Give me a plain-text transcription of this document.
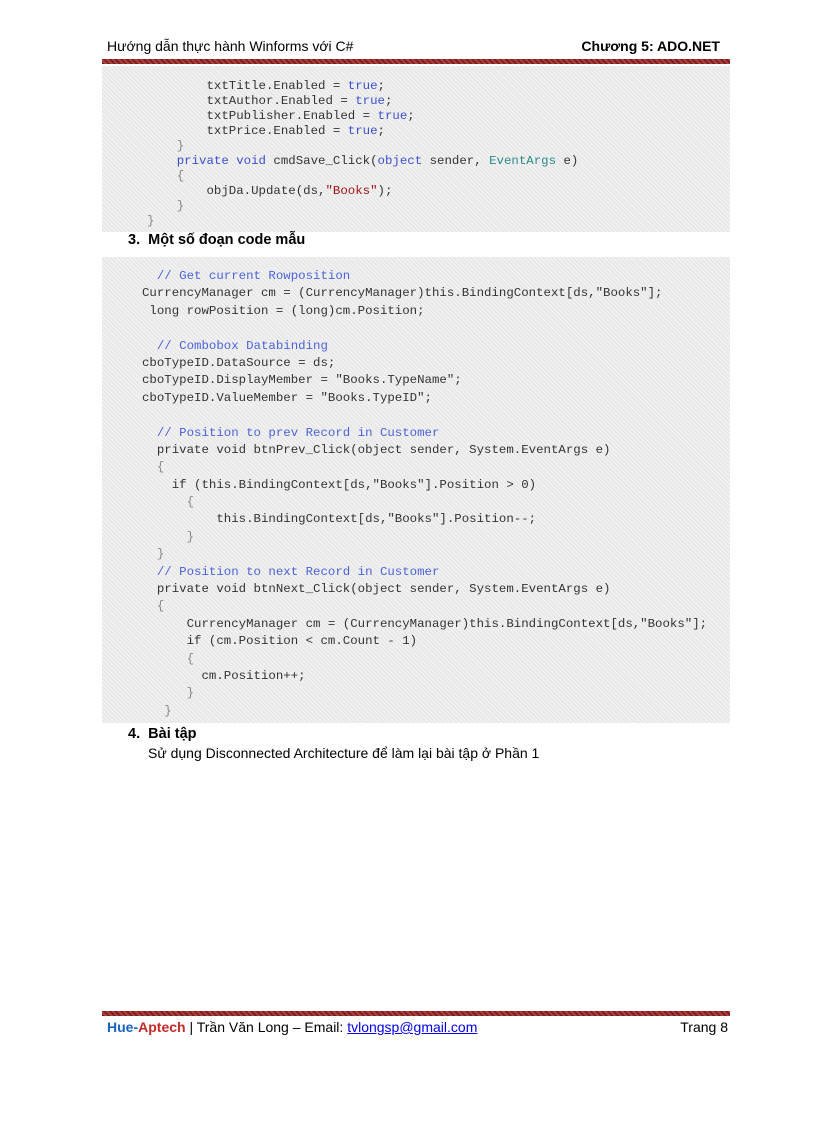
Hướng dẫn thực hành Winforms với C#	Chương 5: ADO.NET
txtTitle.Enabled = true;
txtAuthor.Enabled = true;
txtPublisher.Enabled = true;
txtPrice.Enabled = true;
}
private void cmdSave_Click(object sender, EventArgs e)
{
objDa.Update(ds,"Books");
}
}
3. Một số đoạn code mẫu
// Get current Rowposition
CurrencyManager cm = (CurrencyManager)this.BindingContext[ds,"Books"];
long rowPosition = (long)cm.Position;

// Combobox Databinding
cboTypeID.DataSource = ds;
cboTypeID.DisplayMember = "Books.TypeName";
cboTypeID.ValueMember = "Books.TypeID";

// Position to prev Record in Customer
private void btnPrev_Click(object sender, System.EventArgs e)
{
if (this.BindingContext[ds,"Books"].Position > 0)
{
this.BindingContext[ds,"Books"].Position--;
}
}
// Position to next Record in Customer
private void btnNext_Click(object sender, System.EventArgs e)
{
CurrencyManager cm = (CurrencyManager)this.BindingContext[ds,"Books"];
if (cm.Position < cm.Count - 1)
{
cm.Position++;
}
}
4. Bài tập
Sử dụng Disconnected Architecture để làm lại bài tập ở Phần 1
Hue-Aptech | Trần Văn Long – Email: tvlongsp@gmail.com	Trang 8
